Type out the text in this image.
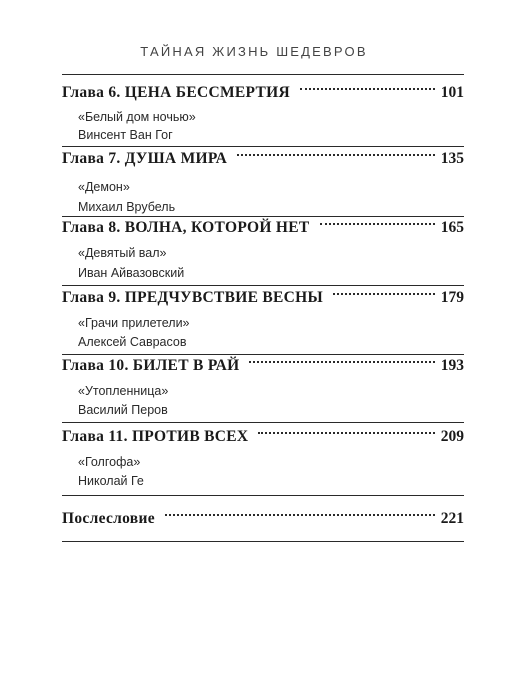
ТАЙНАЯ ЖИЗНЬ ШЕДЕВРОВ
Глава 6. ЦЕНА БЕССМЕРТИЯ	101
«Белый дом ночью»
Винсент Ван Гог
Глава 7. ДУША МИРА	135
«Демон»
Михаил Врубель
Глава 8. ВОЛНА, КОТОРОЙ НЕТ	165
«Девятый вал»
Иван Айвазовский
Глава 9. ПРЕДЧУВСТВИЕ ВЕСНЫ	179
«Грачи прилетели»
Алексей Саврасов
Глава 10. БИЛЕТ В РАЙ	193
«Утопленница»
Василий Перов
Глава 11. ПРОТИВ ВСЕХ	209
«Голгофа»
Николай Ге
Послесловие	221
